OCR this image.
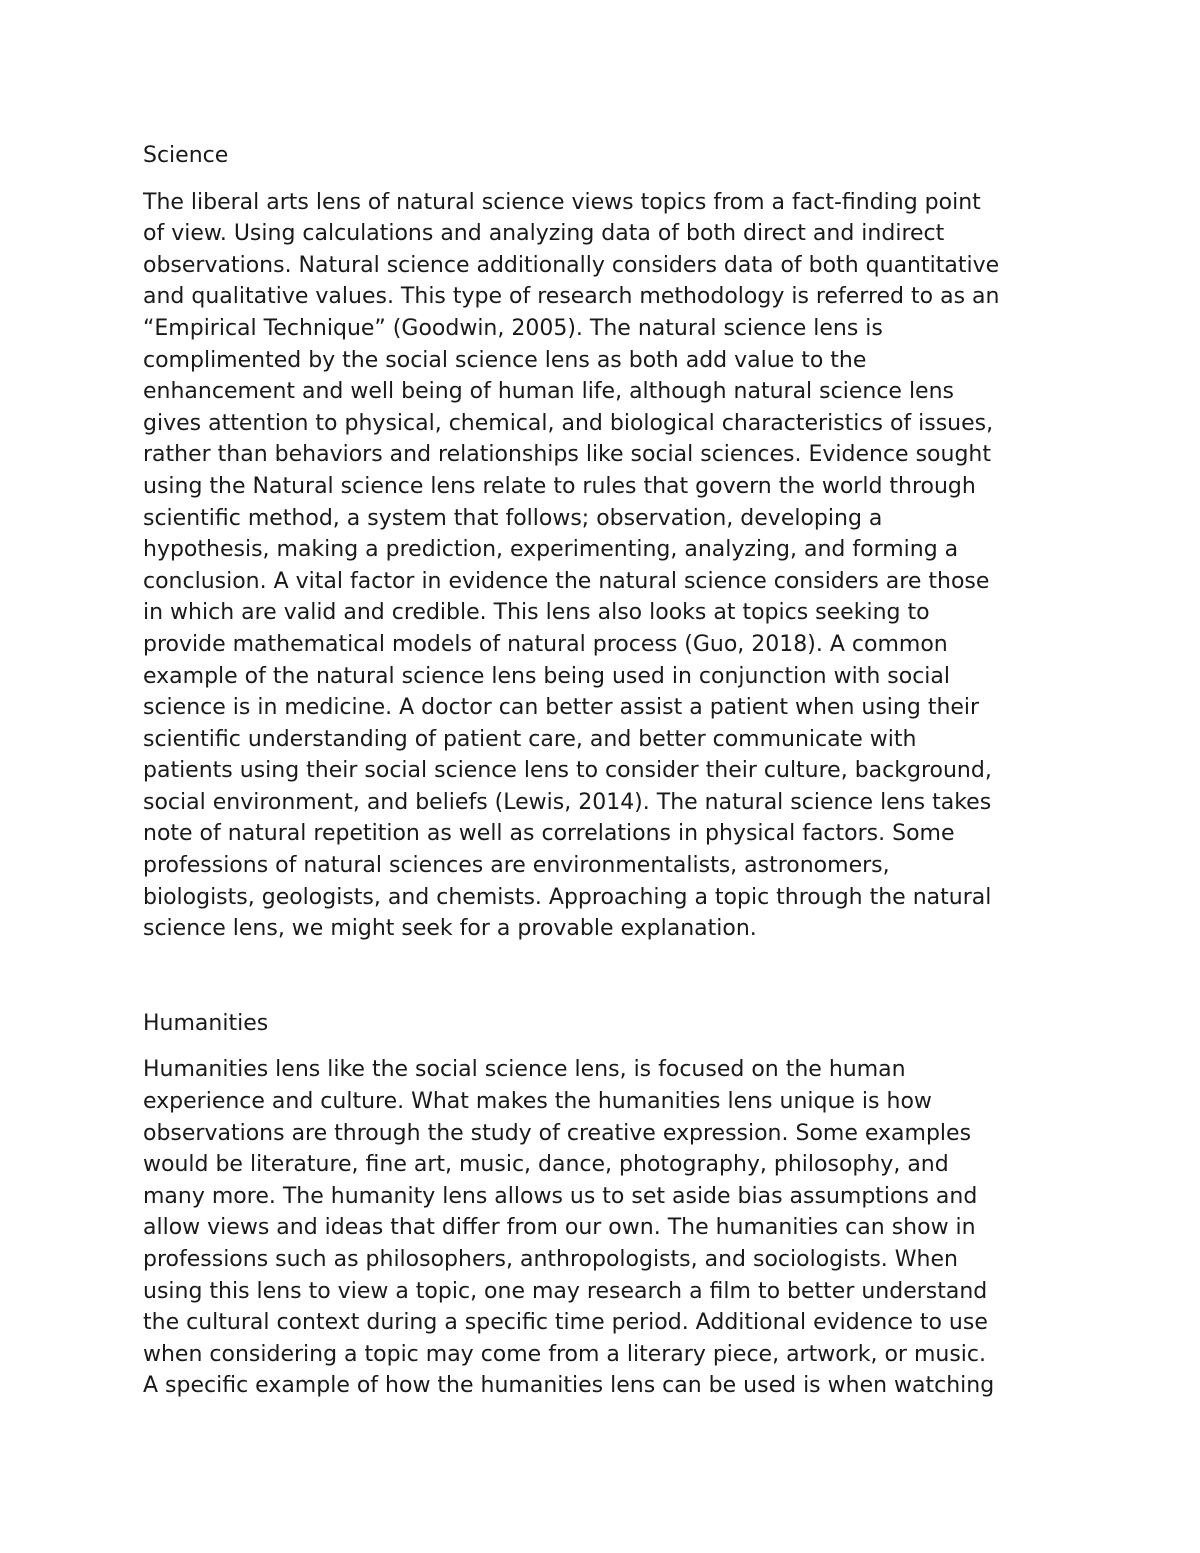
Science
The liberal arts lens of natural science views topics from a fact-finding point
of view. Using calculations and analyzing data of both direct and indirect
observations. Natural science additionally considers data of both quantitative
and qualitative values. This type of research methodology is referred to as an
“Empirical Technique” (Goodwin, 2005). The natural science lens is
complimented by the social science lens as both add value to the
enhancement and well being of human life, although natural science lens
gives attention to physical, chemical, and biological characteristics of issues,
rather than behaviors and relationships like social sciences. Evidence sought
using the Natural science lens relate to rules that govern the world through
scientific method, a system that follows; observation, developing a
hypothesis, making a prediction, experimenting, analyzing, and forming a
conclusion. A vital factor in evidence the natural science considers are those
in which are valid and credible. This lens also looks at topics seeking to
provide mathematical models of natural process (Guo, 2018). A common
example of the natural science lens being used in conjunction with social
science is in medicine. A doctor can better assist a patient when using their
scientific understanding of patient care, and better communicate with
patients using their social science lens to consider their culture, background,
social environment, and beliefs (Lewis, 2014). The natural science lens takes
note of natural repetition as well as correlations in physical factors. Some
professions of natural sciences are environmentalists, astronomers,
biologists, geologists, and chemists. Approaching a topic through the natural
science lens, we might seek for a provable explanation.
Humanities
Humanities lens like the social science lens, is focused on the human
experience and culture. What makes the humanities lens unique is how
observations are through the study of creative expression. Some examples
would be literature, fine art, music, dance, photography, philosophy, and
many more. The humanity lens allows us to set aside bias assumptions and
allow views and ideas that differ from our own. The humanities can show in
professions such as philosophers, anthropologists, and sociologists. When
using this lens to view a topic, one may research a film to better understand
the cultural context during a specific time period. Additional evidence to use
when considering a topic may come from a literary piece, artwork, or music.
A specific example of how the humanities lens can be used is when watching
